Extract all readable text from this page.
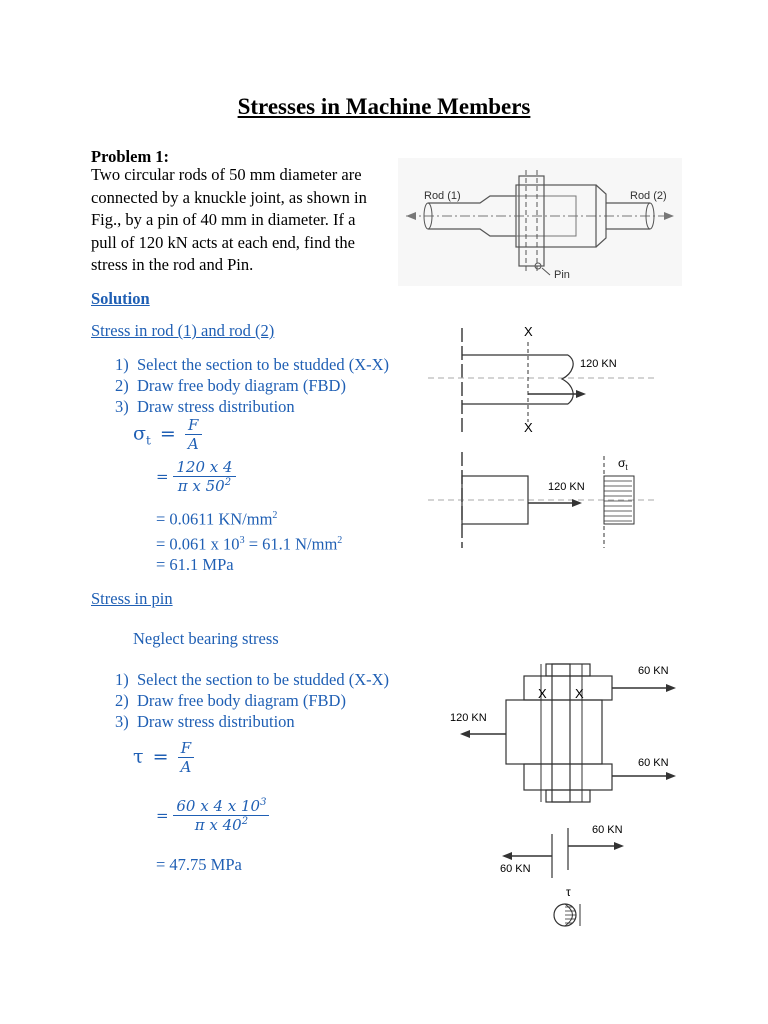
Stresses in Machine Members
Problem 1:
Two circular rods of 50 mm diameter are
connected by a knuckle joint, as shown in
Fig., by a pin of 40 mm in diameter. If a
pull of 120 kN acts at each end, find the
stress in the rod and Pin.
Solution
Stress in rod (1) and rod (2)
1) Select the section to be studded (X-X)
2) Draw free body diagram (FBD)
3) Draw stress distribution
$\sigma_t = \frac{F}{A}$
= $\frac{120 x 4}{\pi x 50^2}$
= 0.0611 $KN/mm^2$
= 0.061 x $10^3 = 61.1$ $N/mm^2$
= 61.1 MPa
Stress in pin
Neglect bearing stress
1) Select the section to be studded (X-X)
2) Draw free body diagram (FBD)
3) Draw stress distribution
$\tau = \frac{F}{A}$
= $\frac{60 x 4 x 10^3}{\pi x 40^2}$
= 47.75 MPa
Rod (1)	Rod (2)
Pin
X
X
120 KN
120 KN
$\sigma_t$
120 KN
60 KN
60 KN
X X
60 KN
60 KN
τ
